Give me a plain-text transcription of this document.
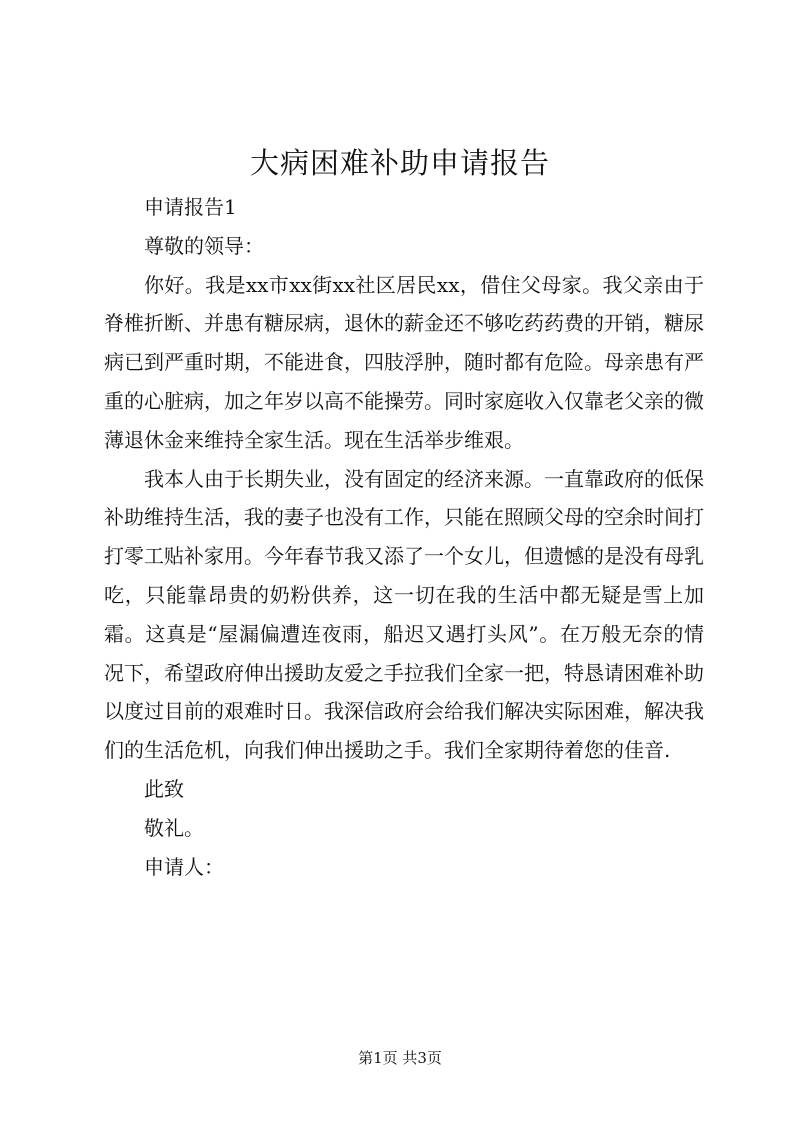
大病困难补助申请报告

申请报告1

尊敬的领导：

你好。我是xx市xx街xx社区居民xx，借住父母家。我父亲由于脊椎折断、并患有糖尿病，退休的薪金还不够吃药药费的开销，糖尿病已到严重时期，不能进食，四肢浮肿，随时都有危险。母亲患有严重的心脏病，加之年岁以高不能操劳。同时家庭收入仅靠老父亲的微薄退休金来维持全家生活。现在生活举步维艰。

我本人由于长期失业，没有固定的经济来源。一直靠政府的低保补助维持生活，我的妻子也没有工作，只能在照顾父母的空余时间打打零工贴补家用。今年春节我又添了一个女儿，但遗憾的是没有母乳吃，只能靠昂贵的奶粉供养，这一切在我的生活中都无疑是雪上加霜。这真是“屋漏偏遭连夜雨，船迟又遇打头风”。在万般无奈的情况下，希望政府伸出援助友爱之手拉我们全家一把，特恳请困难补助以度过目前的艰难时日。我深信政府会给我们解决实际困难，解决我们的生活危机，向我们伸出援助之手。我们全家期待着您的佳音.

此致

敬礼。

申请人：

第1页 共3页
